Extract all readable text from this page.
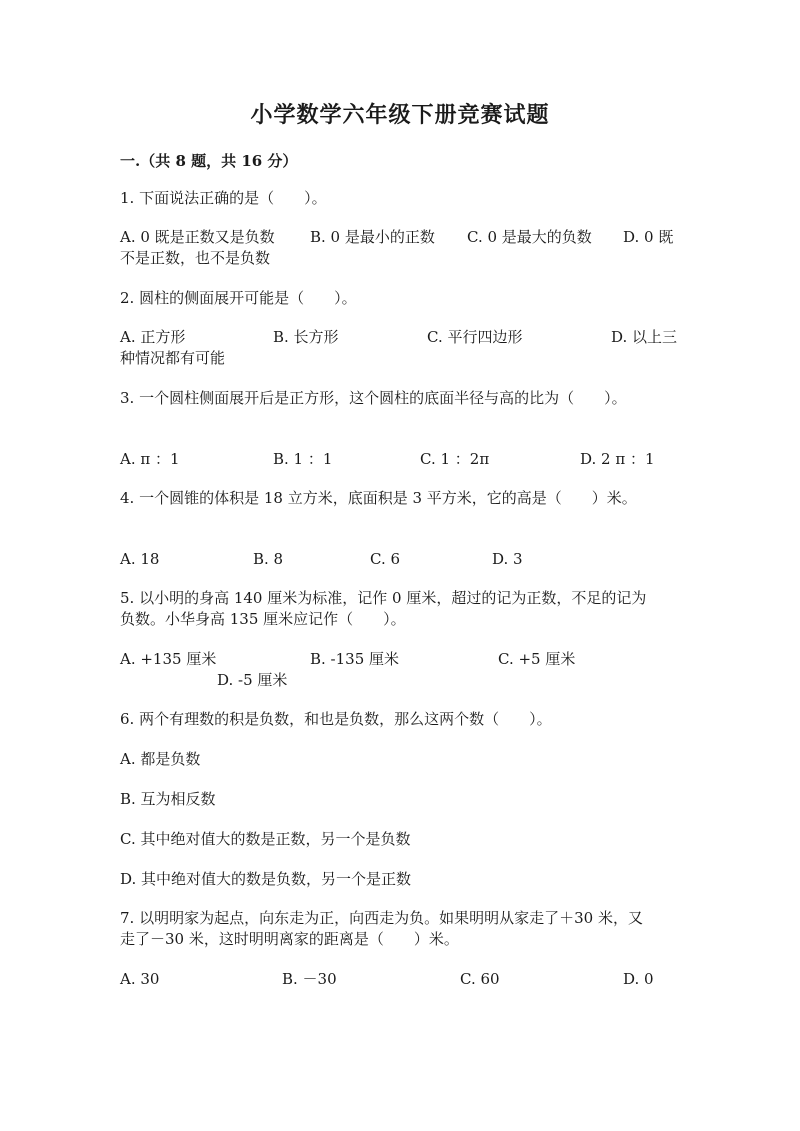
小学数学六年级下册竞赛试题
一.（共 8 题，共 16 分）
1. 下面说法正确的是（　　）。
A. 0 既是正数又是负数 B. 0 是最小的正数 C. 0 是最大的负数 D. 0 既
不是正数，也不是负数
2. 圆柱的侧面展开可能是（　　）。
A. 正方形	B. 长方形	C. 平行四边形	D. 以上三
种情况都有可能
3. 一个圆柱侧面展开后是正方形，这个圆柱的底面半径与高的比为（　　）。
A. π ：1	B. 1 ：1	C. 1 ：2π	D. 2 π ：1
4. 一个圆锥的体积是 18 立方米，底面积是 3 平方米，它的高是（　　）米。
A. 18	B. 8	C. 6	D. 3
5. 以小明的身高 140 厘米为标准，记作 0 厘米，超过的记为正数，不足的记为
负数。小华身高 135 厘米应记作（　　）。
A. +135 厘米	B. -135 厘米	C. +5 厘米
D. -5 厘米
6. 两个有理数的积是负数，和也是负数，那么这两个数（　　）。
A. 都是负数
B. 互为相反数
C. 其中绝对值大的数是正数，另一个是负数
D. 其中绝对值大的数是负数，另一个是正数
7. 以明明家为起点，向东走为正，向西走为负。如果明明从家走了＋30 米，又
走了－30 米，这时明明离家的距离是（　　）米。
A. 30	B. －30	C. 60	D. 0
